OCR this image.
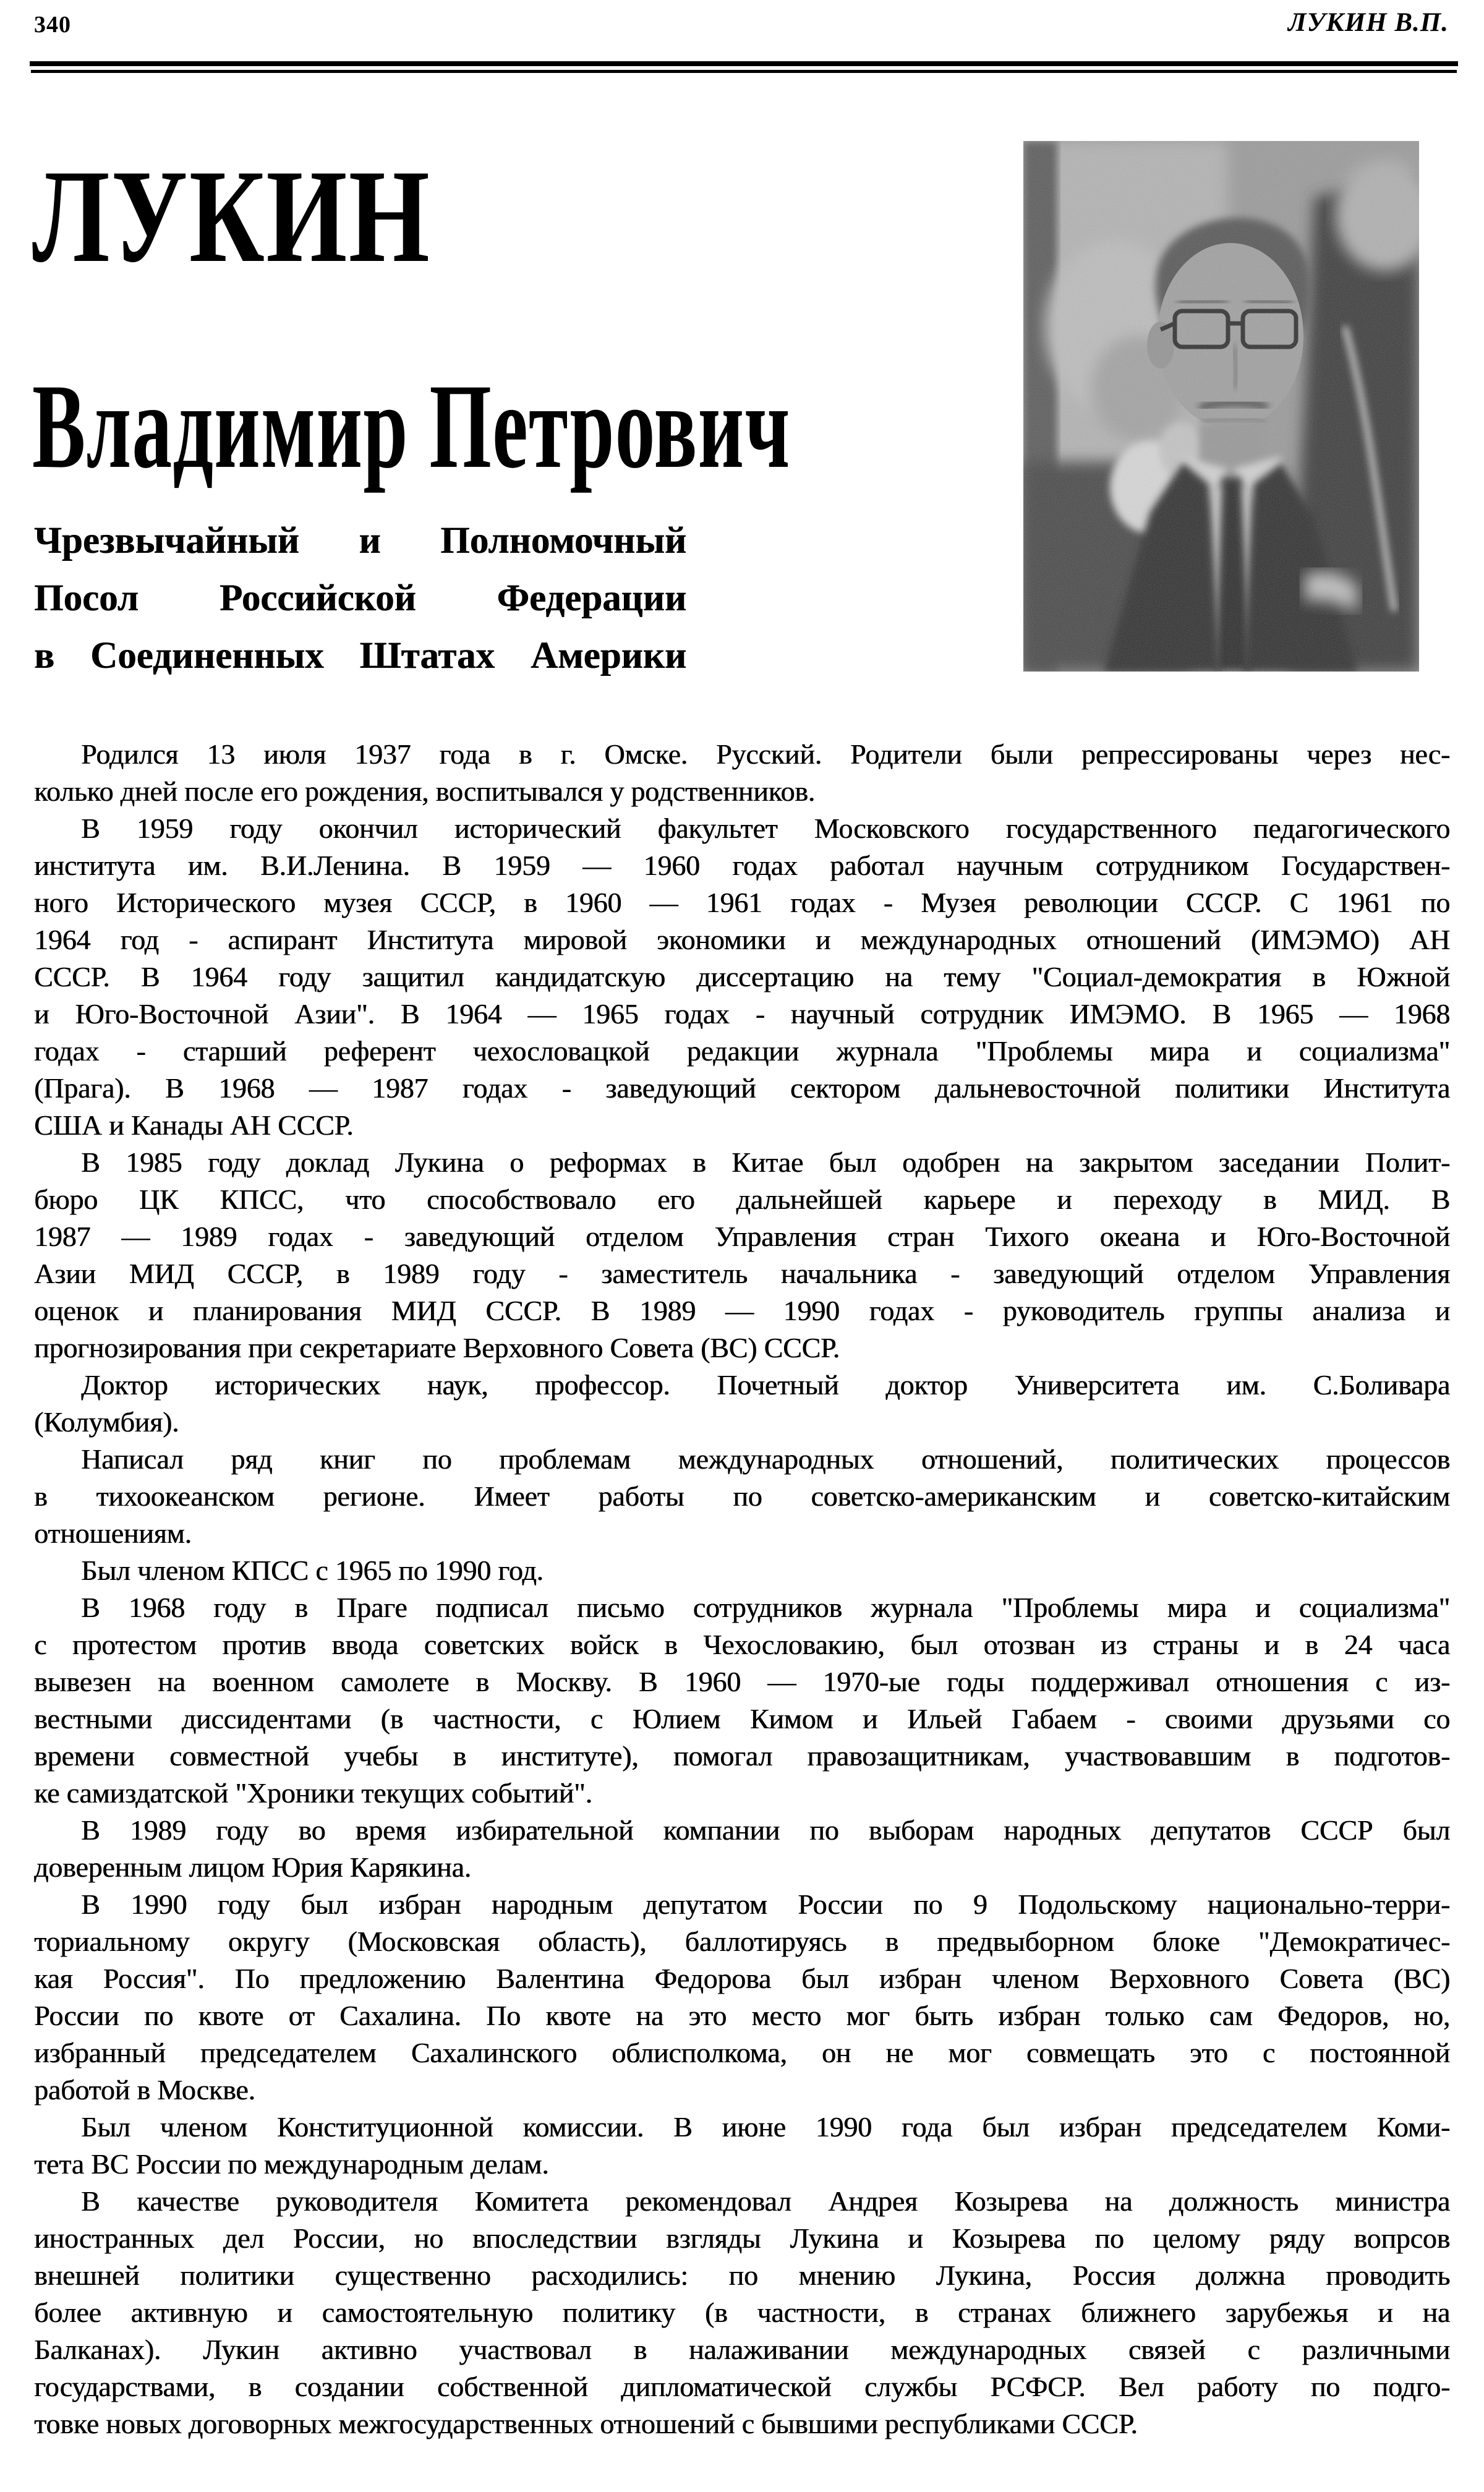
340	ЛУКИН В.П.
ЛУКИН
Владимир Петрович
Чрезвычайный и Полномочный
Посол Российской Федерации
в Соединенных Штатах Америки
Родился 13 июля 1937 года в г. Омске. Русский. Родители были репрессированы через нес-
колько дней после его рождения, воспитывался у родственников.
В 1959 году окончил исторический факультет Московского государственного педагогического
института им. В.И.Ленина. В 1959 — 1960 годах работал научным сотрудником Государствен-
ного Исторического музея СССР, в 1960 — 1961 годах - Музея революции СССР. С 1961 по
1964 год - аспирант Института мировой экономики и международных отношений (ИМЭМО) АН
СССР. В 1964 году защитил кандидатскую диссертацию на тему "Социал-демократия в Южной
и Юго-Восточной Азии". В 1964 — 1965 годах - научный сотрудник ИМЭМО. В 1965 — 1968
годах - старший референт чехословацкой редакции журнала "Проблемы мира и социализма"
(Прага). В 1968 — 1987 годах - заведующий сектором дальневосточной политики Института
США и Канады АН СССР.
В 1985 году доклад Лукина о реформах в Китае был одобрен на закрытом заседании Полит-
бюро ЦК КПСС, что способствовало его дальнейшей карьере и переходу в МИД. В
1987 — 1989 годах - заведующий отделом Управления стран Тихого океана и Юго-Восточной
Азии МИД СССР, в 1989 году - заместитель начальника - заведующий отделом Управления
оценок и планирования МИД СССР. В 1989 — 1990 годах - руководитель группы анализа и
прогнозирования при секретариате Верховного Совета (ВС) СССР.
Доктор исторических наук, профессор. Почетный доктор Университета им. С.Боливара
(Колумбия).
Написал ряд книг по проблемам международных отношений, политических процессов
в тихоокеанском регионе. Имеет работы по советско-американским и советско-китайским
отношениям.
Был членом КПСС с 1965 по 1990 год.
В 1968 году в Праге подписал письмо сотрудников журнала "Проблемы мира и социализма"
с протестом против ввода советских войск в Чехословакию, был отозван из страны и в 24 часа
вывезен на военном самолете в Москву. В 1960 — 1970-ые годы поддерживал отношения с из-
вестными диссидентами (в частности, с Юлием Кимом и Ильей Габаем - своими друзьями со
времени совместной учебы в институте), помогал правозащитникам, участвовавшим в подготов-
ке самиздатской "Хроники текущих событий".
В 1989 году во время избирательной компании по выборам народных депутатов СССР был
доверенным лицом Юрия Карякина.
В 1990 году был избран народным депутатом России по 9 Подольскому национально-терри-
ториальному округу (Московская область), баллотируясь в предвыборном блоке "Демократичес-
кая Россия". По предложению Валентина Федорова был избран членом Верховного Совета (ВС)
России по квоте от Сахалина. По квоте на это место мог быть избран только сам Федоров, но,
избранный председателем Сахалинского облисполкома, он не мог совмещать это с постоянной
работой в Москве.
Был членом Конституционной комиссии. В июне 1990 года был избран председателем Коми-
тета ВС России по международным делам.
В качестве руководителя Комитета рекомендовал Андрея Козырева на должность министра
иностранных дел России, но впоследствии взгляды Лукина и Козырева по целому ряду вопрсов
внешней политики существенно расходились: по мнению Лукина, Россия должна проводить
более активную и самостоятельную политику (в частности, в странах ближнего зарубежья и на
Балканах). Лукин активно участвовал в налаживании международных связей с различными
государствами, в создании собственной дипломатической службы РСФСР. Вел работу по подго-
товке новых договорных межгосударственных отношений с бывшими республиками СССР.
